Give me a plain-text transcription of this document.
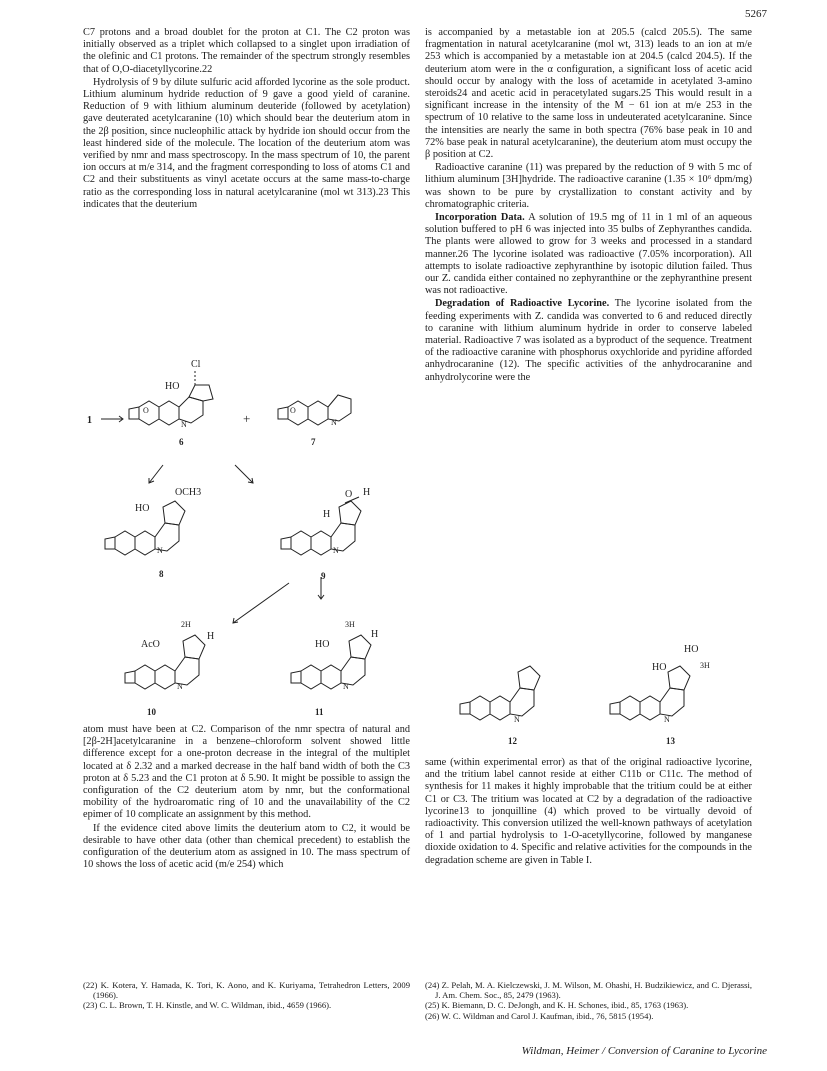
5267

C7 protons and a broad doublet for the proton at C1. The C2 proton was initially observed as a triplet which collapsed to a singlet upon irradiation of the olefinic and C1 protons. The remainder of the spectrum strongly resembles that of O,O-diacetyllycorine.22

Hydrolysis of 9 by dilute sulfuric acid afforded lycorine as the sole product. Lithium aluminum hydride reduction of 9 gave a good yield of caranine. Reduction of 9 with lithium aluminum deuteride (followed by acetylation) gave deuterated acetylcaranine (10) which should bear the deuterium atom in the 2β position, since nucleophilic attack by hydride ion should occur from the least hindered side of the molecule. The location of the deuterium atom was verified by nmr and mass spectroscopy. In the mass spectrum of 10, the parent ion occurs at m/e 314, and the fragment corresponding to loss of atoms C1 and C2 and their substituents as vinyl acetate occurs at the same mass-to-charge ratio as the corresponding loss in natural acetylcaranine (mol wt 313).23 This indicates that the deuterium

1	+
Cl
HO
O
N	N
O
6	7
OCH3
HO
N
8
O H
H
N
9
2H
H
AcO
N
10
3H
H
HO
N
11

atom must have been at C2. Comparison of the nmr spectra of natural and [2β-2H]acetylcaranine in a benzene–chloroform solvent showed little difference except for a one-proton decrease in the integral of the multiplet located at δ 2.32 and a marked decrease in the half band width of both the C3 proton at δ 5.23 and the C1 proton at δ 5.90. It might be possible to assign the configuration of the C2 deuterium atom by nmr, but the conformational mobility of the hydroaromatic ring of 10 and the unavailability of the C2 epimer of 10 complicate an assignment by this method.

If the evidence cited above limits the deuterium atom to C2, it would be desirable to have other data (other than chemical precedent) to establish the configuration of the deuterium atom as assigned in 10. The mass spectrum of 10 shows the loss of acetic acid (m/e 254) which

is accompanied by a metastable ion at 205.5 (calcd 205.5). The same fragmentation in natural acetylcaranine (mol wt, 313) leads to an ion at m/e 253 which is accompanied by a metastable ion at 204.5 (calcd 204.5). If the deuterium atom were in the α configuration, a significant loss of acetic acid should occur by analogy with the loss of acetamide in acetylated 3-amino steroids24 and acetic acid in peracetylated sugars.25 This would result in a significant increase in the intensity of the M − 61 ion at m/e 253 in the spectrum of 10 relative to the same loss in undeuterated acetylcaranine. Since the intensities are nearly the same in both spectra (76% base peak in 10 and 72% base peak in natural acetylcaranine), the deuterium atom must occupy the β position at C2.

Radioactive caranine (11) was prepared by the reduction of 9 with 5 mc of lithium aluminum [3H]hydride. The radioactive caranine (1.35 × 10⁶ dpm/mg) was shown to be pure by crystallization to constant activity and by chromatographic criteria.

Incorporation Data. A solution of 19.5 mg of 11 in 1 ml of an aqueous solution buffered to pH 6 was injected into 35 bulbs of Zephyranthes candida. The plants were allowed to grow for 3 weeks and processed in a standard manner.26 The lycorine isolated was radioactive (7.05% incorporation). All attempts to isolate radioactive zephyranthine by isotopic dilution failed. Thus our Z. candida either contained no zephyranthine or the zephyranthine present was not radioactive.

Degradation of Radioactive Lycorine. The lycorine isolated from the feeding experiments with Z. candida was converted to 6 and reduced directly to caranine with lithium aluminum hydride in order to conserve labeled material. Radioactive 7 was isolated as a byproduct of the sequence. Treatment of the radioactive caranine with phosphorus oxychloride and pyridine afforded anhydrocaranine (12). The specific activities of the anhydrocaranine and anhydrolycorine were the

N
12
HO
HO	3H
N
13

same (within experimental error) as that of the original radioactive lycorine, and the tritium label cannot reside at either C11b or C11c. The method of synthesis for 11 makes it highly improbable that the tritium could be at either C1 or C3. The tritium was located at C2 by a degradation of the radioactive lycorine13 to jonquilline (4) which proved to be virtually devoid of radioactivity. This conversion utilized the well-known pathways of acetylation of 1 and partial hydrolysis to 1-O-acetyllycorine, followed by manganese dioxide oxidation to 4. Specific and relative activities for the compounds in the degradation scheme are given in Table I.

(22) K. Kotera, Y. Hamada, K. Tori, K. Aono, and K. Kuriyama, Tetrahedron Letters, 2009 (1966).

(23) C. L. Brown, T. H. Kinstle, and W. C. Wildman, ibid., 4659 (1966).

(24) Z. Pelah, M. A. Kielczewski, J. M. Wilson, M. Ohashi, H. Budzikiewicz, and C. Djerassi, J. Am. Chem. Soc., 85, 2479 (1963).

(25) K. Biemann, D. C. DeJongh, and K. H. Schones, ibid., 85, 1763 (1963).

(26) W. C. Wildman and Carol J. Kaufman, ibid., 76, 5815 (1954).

Wildman, Heimer / Conversion of Caranine to Lycorine
